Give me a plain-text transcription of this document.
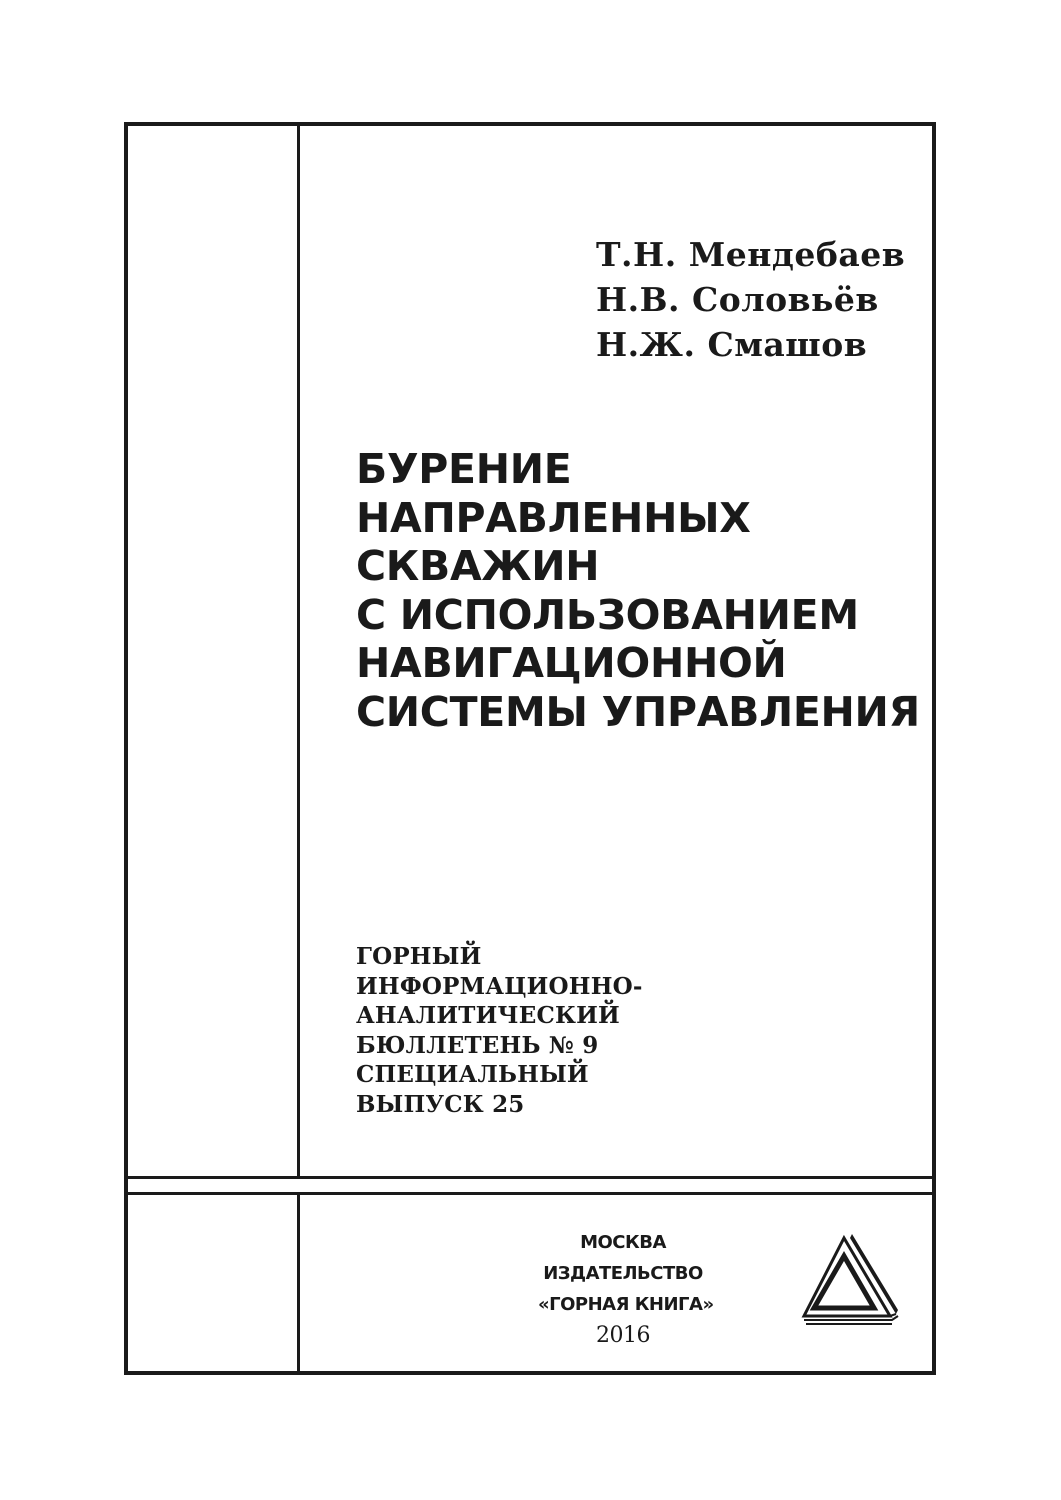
Т.Н. Мендебаев
Н.В. Соловьёв
Н.Ж. Смашов
БУРЕНИЕ
НАПРАВЛЕННЫХ
СКВАЖИН
С ИСПОЛЬЗОВАНИЕМ
НАВИГАЦИОННОЙ
СИСТЕМЫ УПРАВЛЕНИЯ
ГОРНЫЙ
ИНФОРМАЦИОННО-
АНАЛИТИЧЕСКИЙ
БЮЛЛЕТЕНЬ № 9
СПЕЦИАЛЬНЫЙ
ВЫПУСК 25
МОСКВА
ИЗДАТЕЛЬСТВО
«ГОРНАЯ КНИГА»
2016
